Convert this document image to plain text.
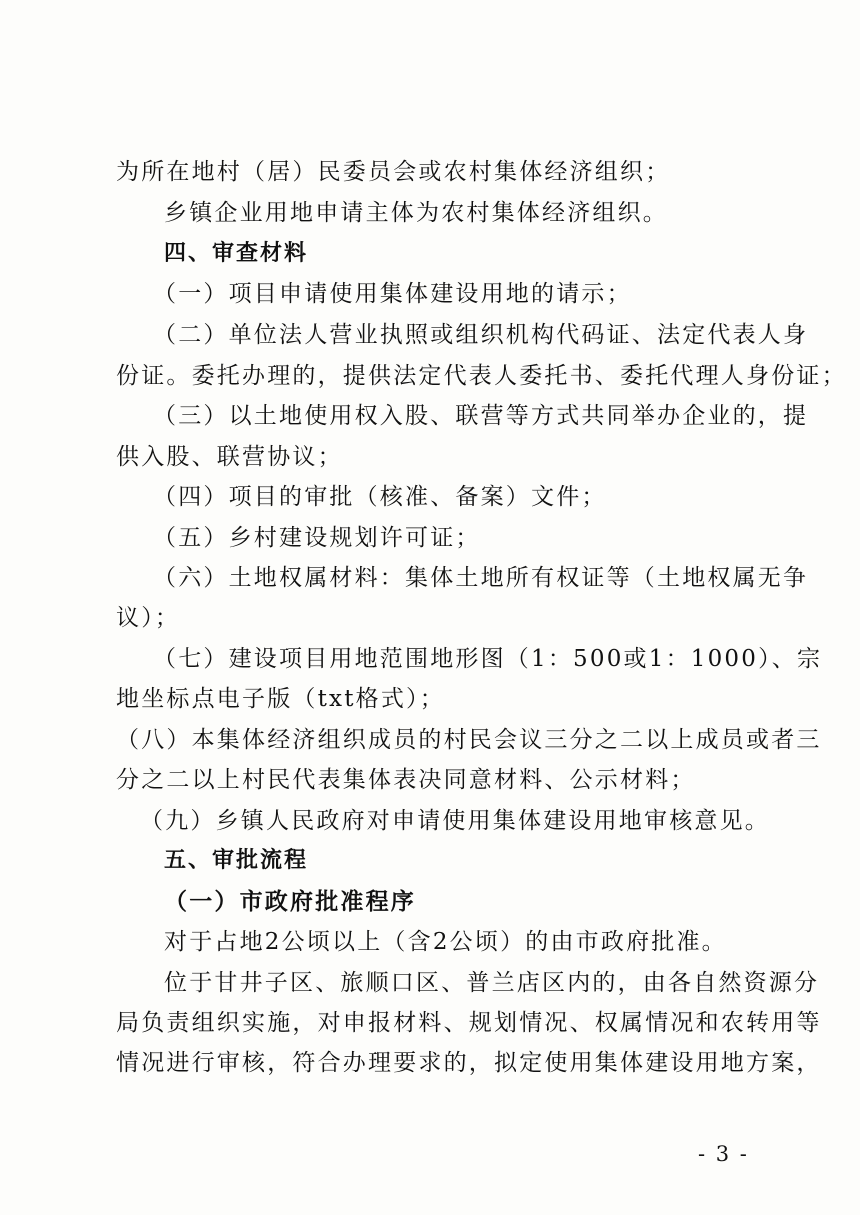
为所在地村（居）民委员会或农村集体经济组织；
乡镇企业用地申请主体为农村集体经济组织。
四、审查材料
（一）项目申请使用集体建设用地的请示；
（二）单位法人营业执照或组织机构代码证、法定代表人身
份证。委托办理的，提供法定代表人委托书、委托代理人身份证；
（三）以土地使用权入股、联营等方式共同举办企业的，提
供入股、联营协议；
（四）项目的审批（核准、备案）文件；
（五）乡村建设规划许可证；
（六）土地权属材料：集体土地所有权证等（土地权属无争
议）；
（七）建设项目用地范围地形图（1：500或1：1000）、宗
地坐标点电子版（txt格式）；
（八）本集体经济组织成员的村民会议三分之二以上成员或者三
分之二以上村民代表集体表决同意材料、公示材料；
（九）乡镇人民政府对申请使用集体建设用地审核意见。
五、审批流程
（一）市政府批准程序
对于占地2公顷以上（含2公顷）的由市政府批准。
位于甘井子区、旅顺口区、普兰店区内的，由各自然资源分
局负责组织实施，对申报材料、规划情况、权属情况和农转用等
情况进行审核，符合办理要求的，拟定使用集体建设用地方案，
- 3 -
